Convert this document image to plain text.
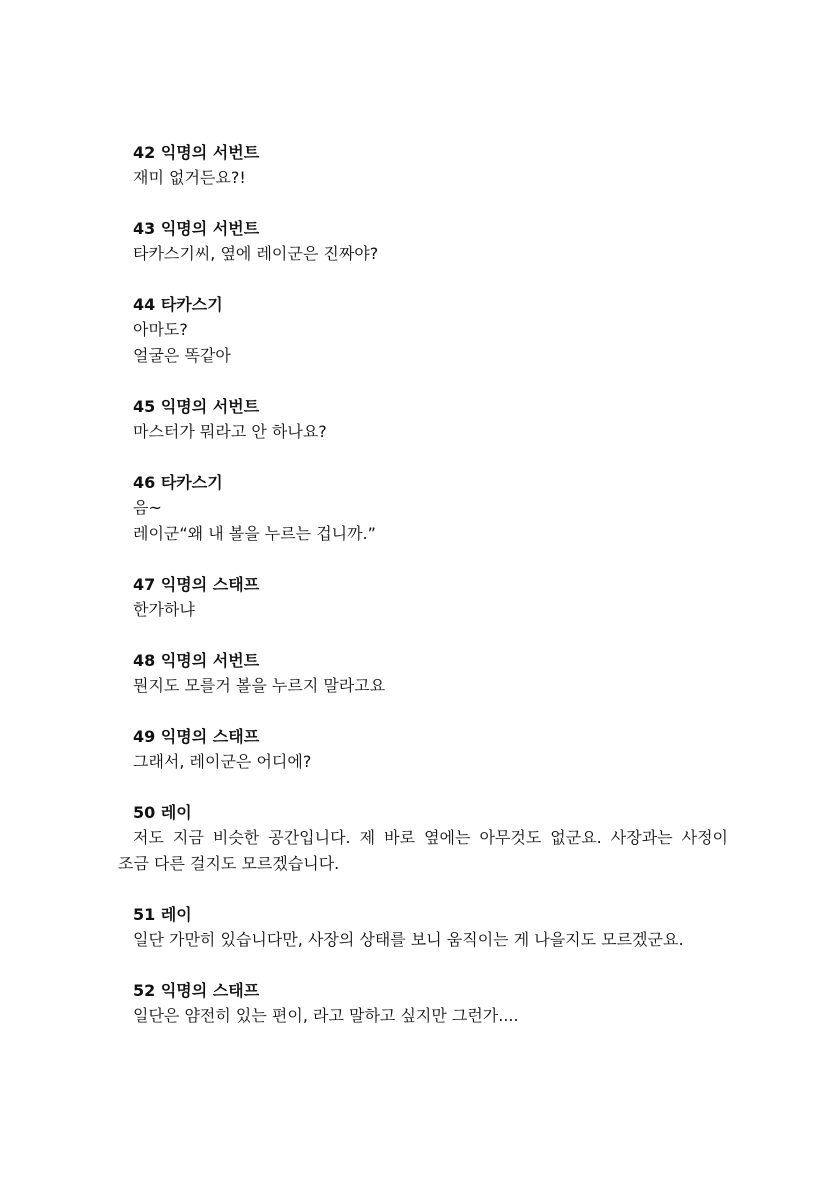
42 익명의 서번트
재미 없거든요?!
43 익명의 서번트
타카스기씨, 옆에 레이군은 진짜야?
44 타카스기
아마도?
얼굴은 똑같아
45 익명의 서번트
마스터가 뭐라고 안 하나요?
46 타카스기
음~
레이군“왜 내 볼을 누르는 겁니까.”
47 익명의 스태프
한가하냐
48 익명의 서번트
뭔지도 모를거 볼을 누르지 말라고요
49 익명의 스태프
그래서, 레이군은 어디에?
50 레이
저도 지금 비슷한 공간입니다. 제 바로 옆에는 아무것도 없군요. 사장과는 사정이
조금 다른 걸지도 모르겠습니다.
51 레이
일단 가만히 있습니다만, 사장의 상태를 보니 움직이는 게 나을지도 모르겠군요.
52 익명의 스태프
일단은 얌전히 있는 편이, 라고 말하고 싶지만 그런가....
